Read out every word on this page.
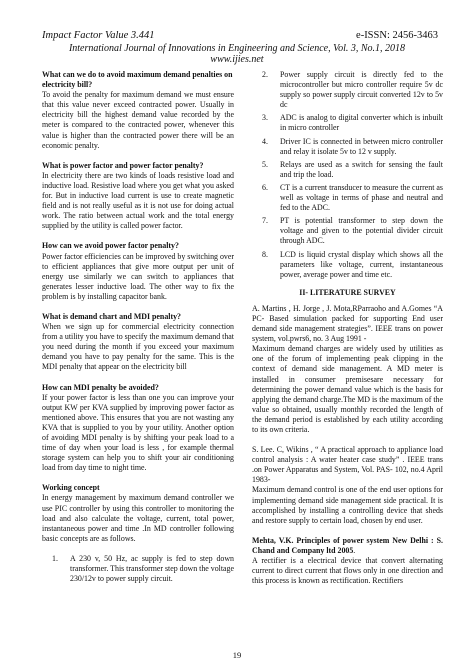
Impact Factor Value 3.441	e-ISSN: 2456-3463
International Journal of Innovations in Engineering and Science, Vol. 3, No.1, 2018
www.ijies.net

What can we do to avoid maximum demand penalties on electricity bill?

To avoid the penalty for maximum demand we must ensure that this value never exceed contracted power. Usually in electricity bill the highest demand value recorded by the meter is compared to the contracted power, whenever this value is higher than the contracted power there will be an economic penalty.

What is power factor and power factor penalty?

In electricity there are two kinds of loads resistive load and inductive load. Resistive load where you get what you asked for. But in inductive load current is use to create magnetic field and is not really useful as it is not use for doing actual work. The ratio between actual work and the total energy supplied by the utility is called power factor.

How can we avoid power factor penalty?

Power factor efficiencies can be improved by switching over to efficient appliances that give more output per unit of energy use similarly we can switch to appliances that generates lesser inductive load. The other way to fix the problem is by installing capacitor bank.

What is demand chart and MDI penalty?

When we sign up for commercial electricity connection from a utility you have to specify the maximum demand that you need during the month if you exceed your maximum demand you have to pay penalty for the same. This is the MDI penalty that appear on the electricity bill

How can MDI penalty be avoided?

If your power factor is less than one you can improve your output KW per KVA supplied by improving power factor as mentioned above. This ensures that you are not wasting any KVA that is supplied to you by your utility. Another option of avoiding MDI penalty is by shifting your peak load to a time of day when your load is less , for example thermal storage system can help you to shift your air conditioning load from day time to night time.

Working concept

In energy management by maximum demand controller we use PIC controller by using this controller to monitoring the load and also calculate the voltage, current, total power, instantaneous power and time .In MD controller following basic concepts are as follows.

1. A 230 v, 50 Hz, ac supply is fed to step down transformer. This transformer step down the voltage 230/12v to power supply circuit.
2. Power supply circuit is directly fed to the microcontroller but micro controller require 5v dc supply so power supply circuit converted 12v to 5v dc
3. ADC is analog to digital converter which is inbuilt in micro controller
4. Driver IC is connected in between micro controller and relay it isolate 5v to 12 v supply.
5. Relays are used as a switch for sensing the fault and trip the load.
6. CT is a current transducer to measure the current as well as voltage in terms of phase and neutral and fed to the ADC.
7. PT is potential transformer to step down the voltage and given to the potential divider circuit through ADC.
8. LCD is liquid crystal display which shows all the parameters like voltage, current, instantaneous power, average power and time etc.

II- LITERATURE SURVEY

A. Martins , H. Jorge , J. Mota,RParraoho and A.Gomes “A PC- Based simulation packed for supporting End user demand side management strategies”. IEEE trans on power system, vol.pwrs6, no. 3 Aug 1991 -

Maximum demand charges are widely used by utilities as one of the forum of implementing peak clipping in the context of demand side management. A MD meter is installed in consumer premisesare necessary for determining the power demand value which is the basis for applying the demand charge.The MD is the maximum of the value so obtained, usually monthly recorded the length of the demand period is established by each utility according to its own criteria.

S. Lee. C, Wikins , “ A practical approach to appliance load control analysis : A water heater case study” . IEEE trans .on Power Apparatus and System, Vol. PAS- 102, no.4 April 1983-

Maximum demand control is one of the end user options for implementing demand side management side practical. It is accomplished by installing a controlling device that sheds and restore supply to certain load, chosen by end user.

Mehta, V.K. Principles of power system New Delhi : S. Chand and Company ltd 2005.

A rectifier is a electrical device that convert alternating current to direct current that flows only in one direction and this process is known as rectification. Rectifiers

19
